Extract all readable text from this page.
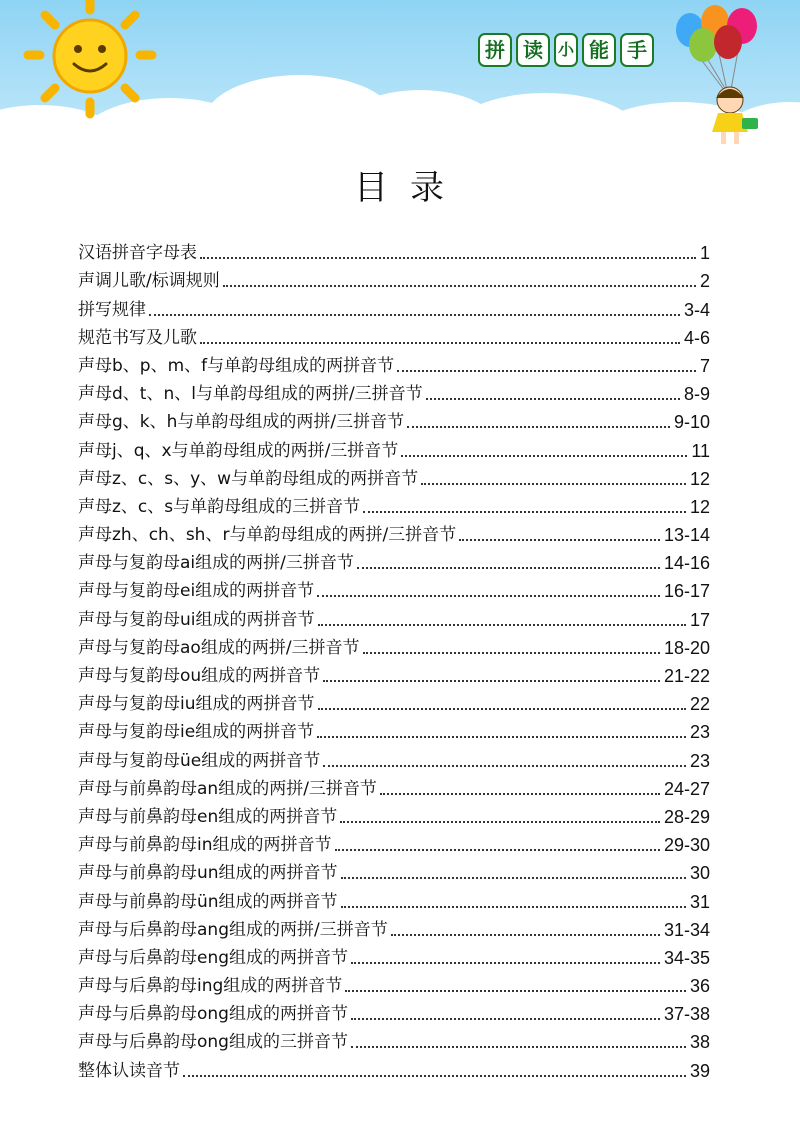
拼 读 小 能 手
目录
汉语拼音字母表	1
声调儿歌/标调规则	2
拼写规律	3-4
规范书写及儿歌	4-6
声母b、p、m、f与单韵母组成的两拼音节	7
声母d、t、n、l与单韵母组成的两拼/三拼音节	8-9
声母g、k、h与单韵母组成的两拼/三拼音节	9-10
声母j、q、x与单韵母组成的两拼/三拼音节	11
声母z、c、s、y、w与单韵母组成的两拼音节	12
声母z、c、s与单韵母组成的三拼音节	12
声母zh、ch、sh、r与单韵母组成的两拼/三拼音节	13-14
声母与复韵母ai组成的两拼/三拼音节	14-16
声母与复韵母ei组成的两拼音节	16-17
声母与复韵母ui组成的两拼音节	17
声母与复韵母ao组成的两拼/三拼音节	18-20
声母与复韵母ou组成的两拼音节	21-22
声母与复韵母iu组成的两拼音节	22
声母与复韵母ie组成的两拼音节	23
声母与复韵母üe组成的两拼音节	23
声母与前鼻韵母an组成的两拼/三拼音节	24-27
声母与前鼻韵母en组成的两拼音节	28-29
声母与前鼻韵母in组成的两拼音节	29-30
声母与前鼻韵母un组成的两拼音节	30
声母与前鼻韵母ün组成的两拼音节	31
声母与后鼻韵母ang组成的两拼/三拼音节	31-34
声母与后鼻韵母eng组成的两拼音节	34-35
声母与后鼻韵母ing组成的两拼音节	36
声母与后鼻韵母ong组成的两拼音节	37-38
声母与后鼻韵母ong组成的三拼音节	38
整体认读音节	39
